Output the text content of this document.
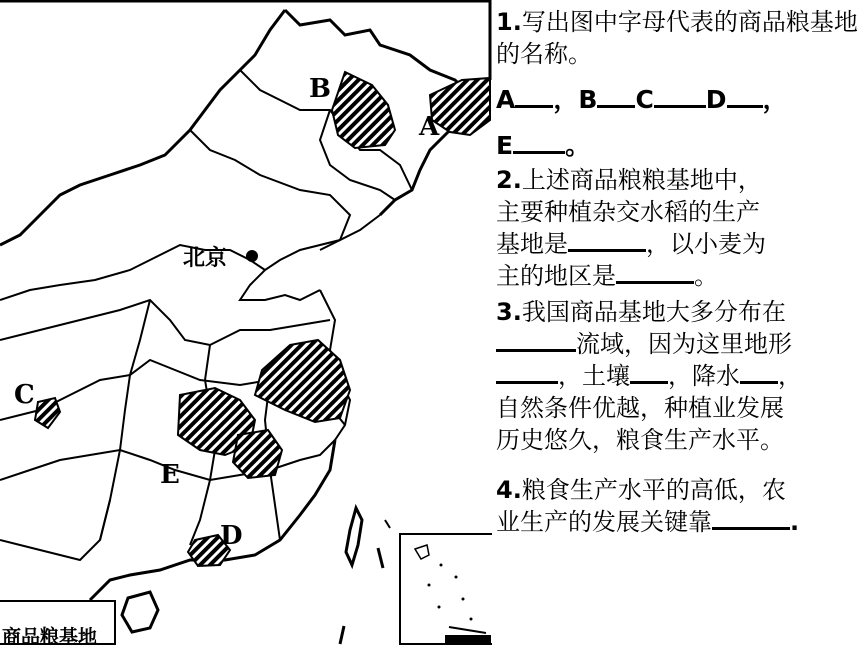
B
A
C
E
D
北京
商品粮基地

1.写出图中字母代表的商品粮基地的名称。

A ，B C D ，

E 。

2.上述商品粮粮基地中，
主要种植杂交水稻的生产
基地是	，以小麦为
主的地区是	。

3.我国商品基地大多分布在
流域，因为这里地形
，土壤 ，降水 ，
自然条件优越，种植业发展
历史悠久，粮食生产水平。

4.粮食生产水平的高低，农
业生产的发展关键靠	.
